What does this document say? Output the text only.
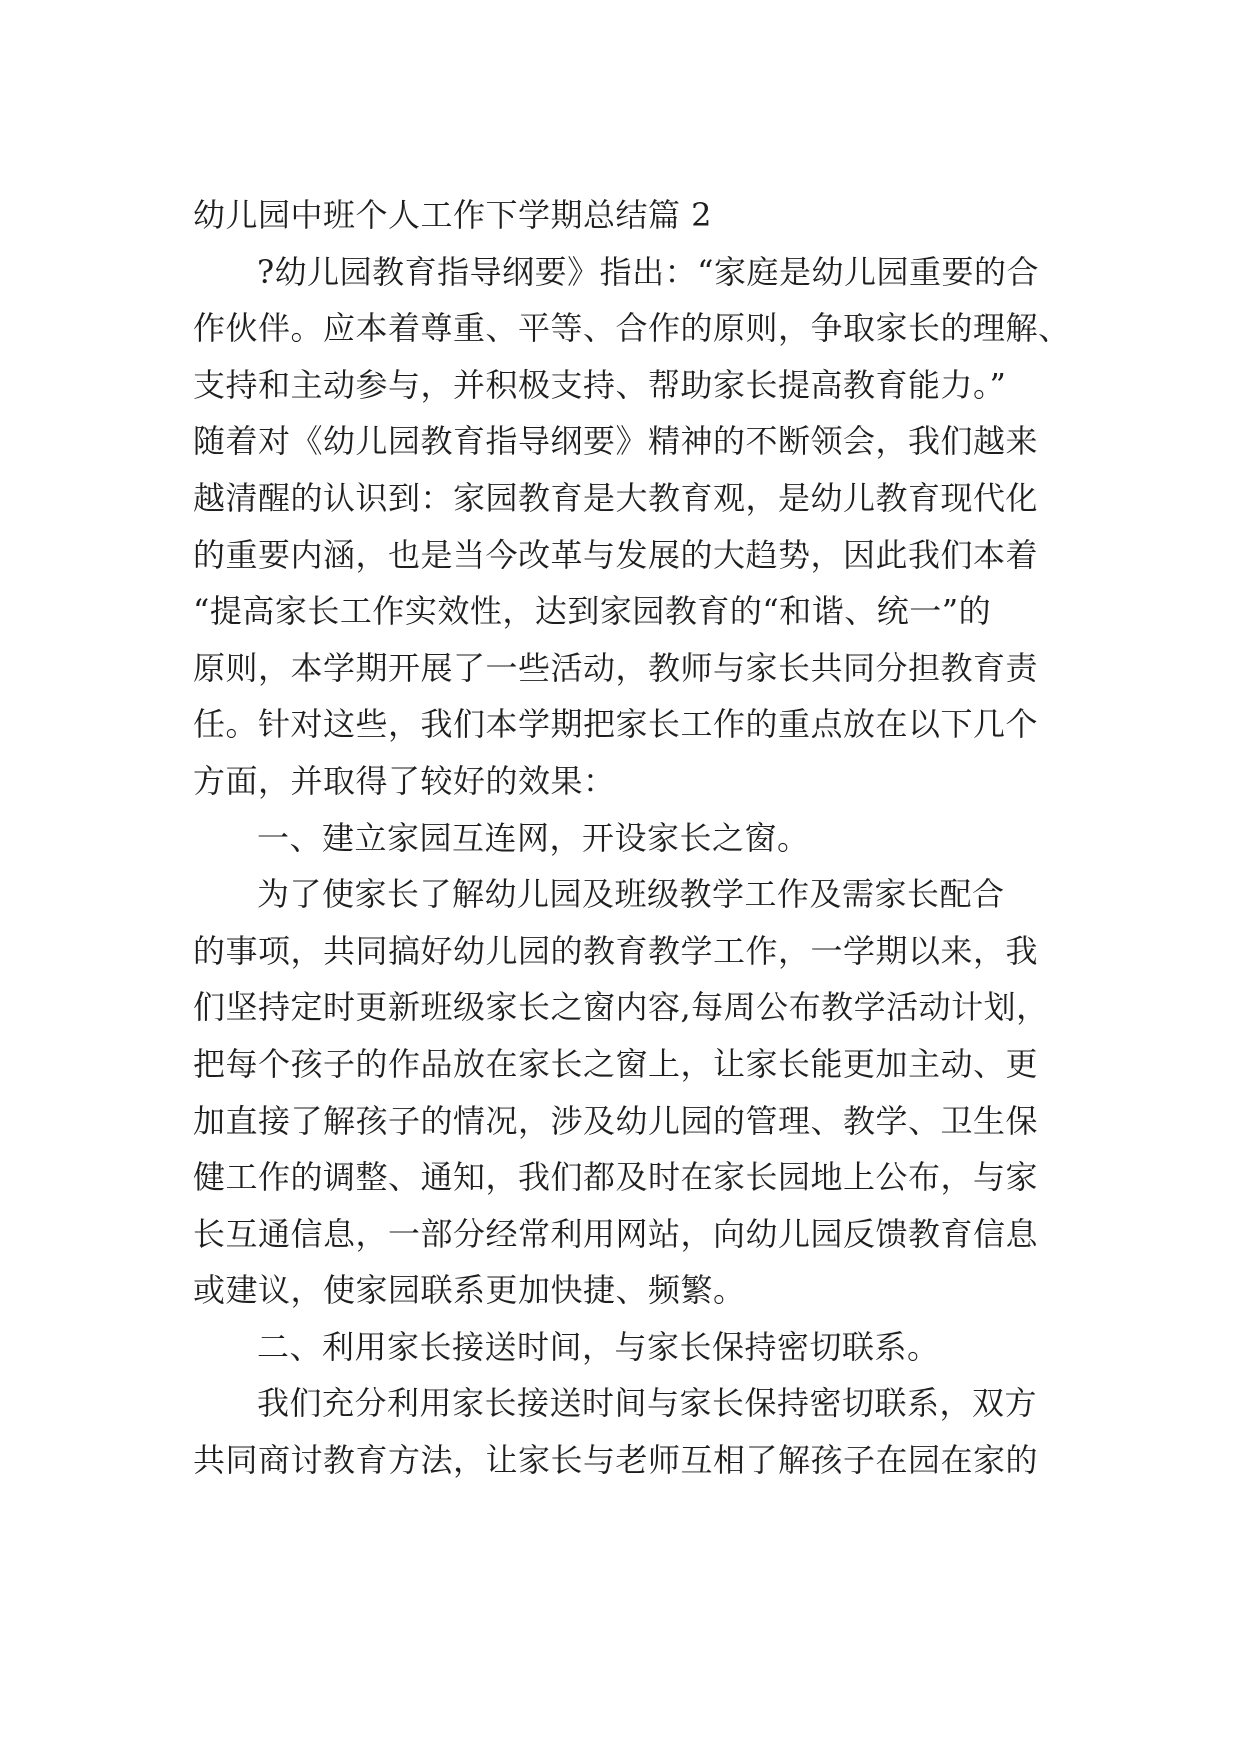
幼儿园中班个人工作下学期总结篇 2
?幼儿园教育指导纲要》指出：“家庭是幼儿园重要的合
作伙伴。应本着尊重、平等、合作的原则，争取家长的理解、
支持和主动参与，并积极支持、帮助家长提高教育能力。”
随着对《幼儿园教育指导纲要》精神的不断领会，我们越来
越清醒的认识到：家园教育是大教育观，是幼儿教育现代化
的重要内涵，也是当今改革与发展的大趋势，因此我们本着
“提高家长工作实效性，达到家园教育的“和谐、统一”的
原则，本学期开展了一些活动，教师与家长共同分担教育责
任。针对这些，我们本学期把家长工作的重点放在以下几个
方面，并取得了较好的效果：
一、建立家园互连网，开设家长之窗。
为了使家长了解幼儿园及班级教学工作及需家长配合
的事项，共同搞好幼儿园的教育教学工作，一学期以来，我
们坚持定时更新班级家长之窗内容,每周公布教学活动计划，
把每个孩子的作品放在家长之窗上，让家长能更加主动、更
加直接了解孩子的情况，涉及幼儿园的管理、教学、卫生保
健工作的调整、通知，我们都及时在家长园地上公布，与家
长互通信息，一部分经常利用网站，向幼儿园反馈教育信息
或建议，使家园联系更加快捷、频繁。
二、利用家长接送时间，与家长保持密切联系。
我们充分利用家长接送时间与家长保持密切联系，双方
共同商讨教育方法，让家长与老师互相了解孩子在园在家的
